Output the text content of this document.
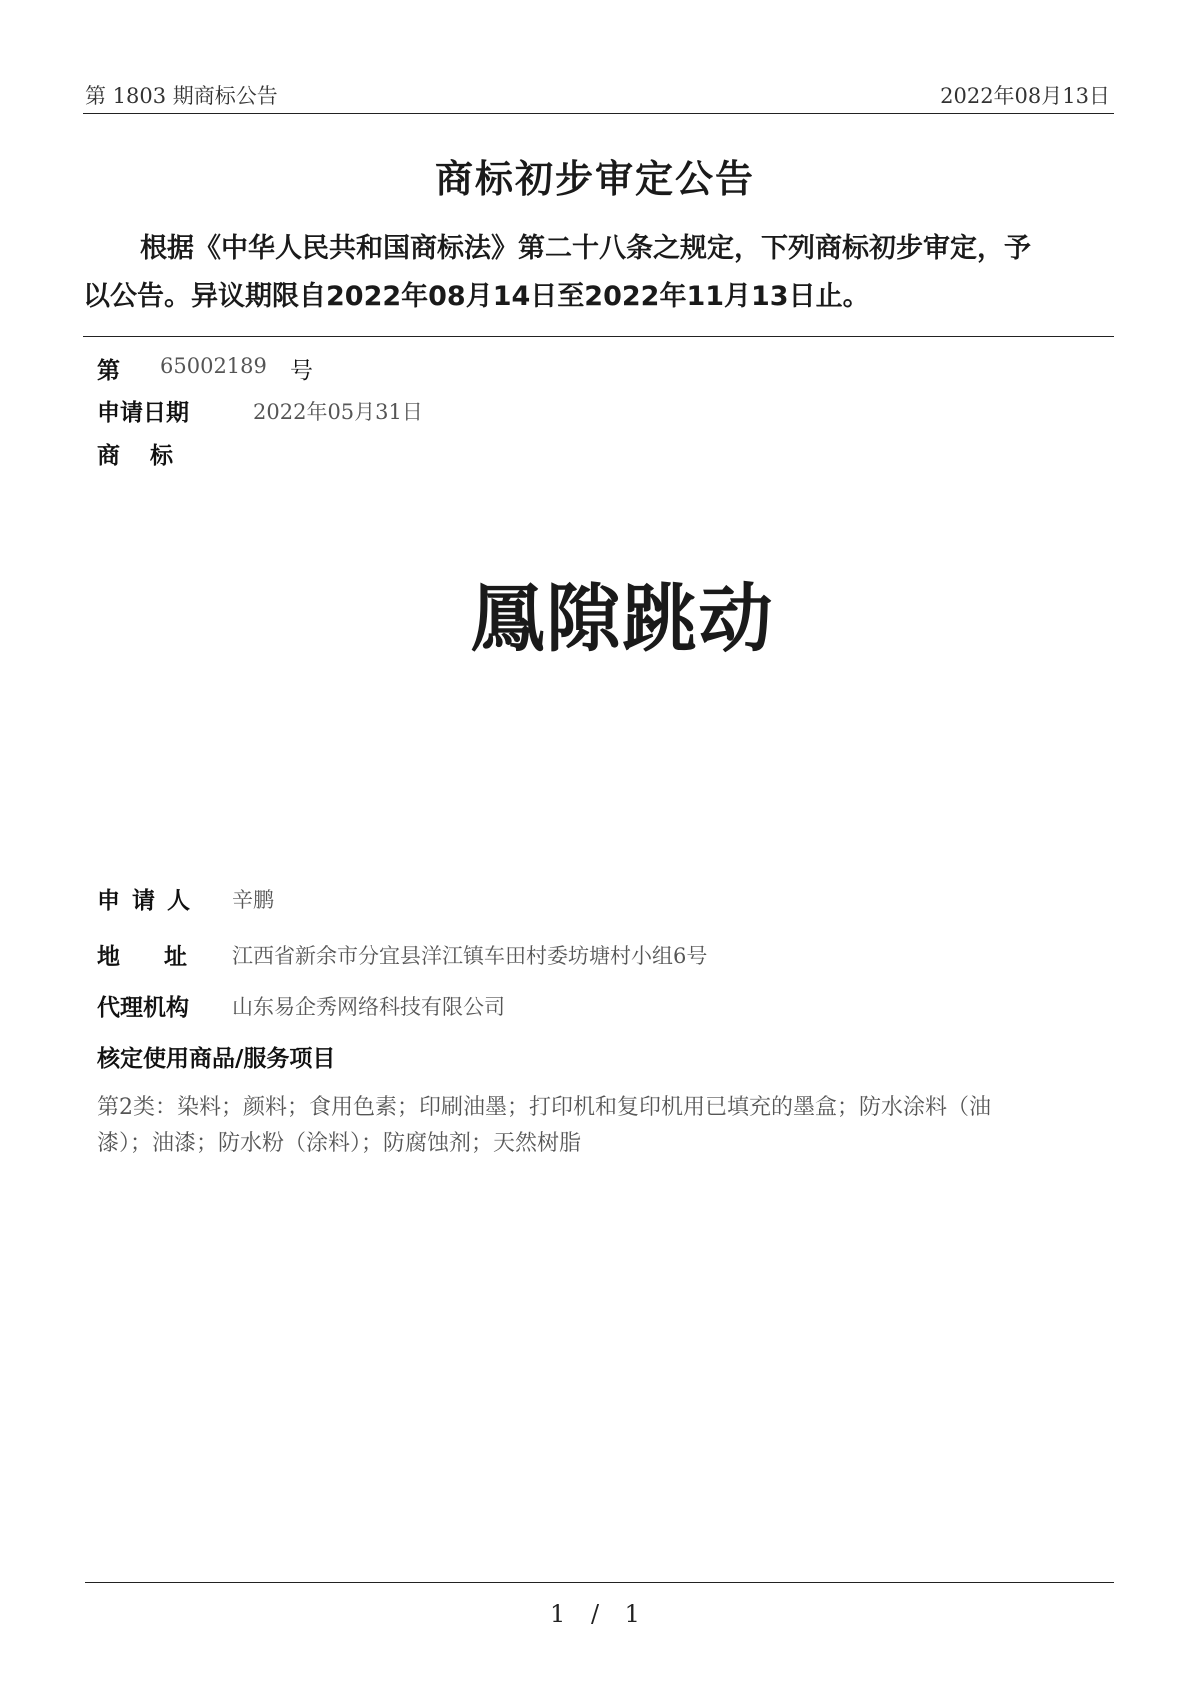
第 1803 期商标公告	2022年08月13日
商标初步审定公告
根据《中华人民共和国商标法》第二十八条之规定，下列商标初步审定，予
以公告。异议期限自2022年08月14日至2022年11月13日止。
第 65002189 号
申请日期	2022年05月31日
商标
鳳隙跳动
申请人 辛鹏
地址 江西省新余市分宜县洋江镇车田村委坊塘村小组6号
代理机构 山东易企秀网络科技有限公司
核定使用商品/服务项目
第2类：染料；颜料；食用色素；印刷油墨；打印机和复印机用已填充的墨盒；防水涂料（油
漆）；油漆；防水粉（涂料）；防腐蚀剂；天然树脂
1 / 1
